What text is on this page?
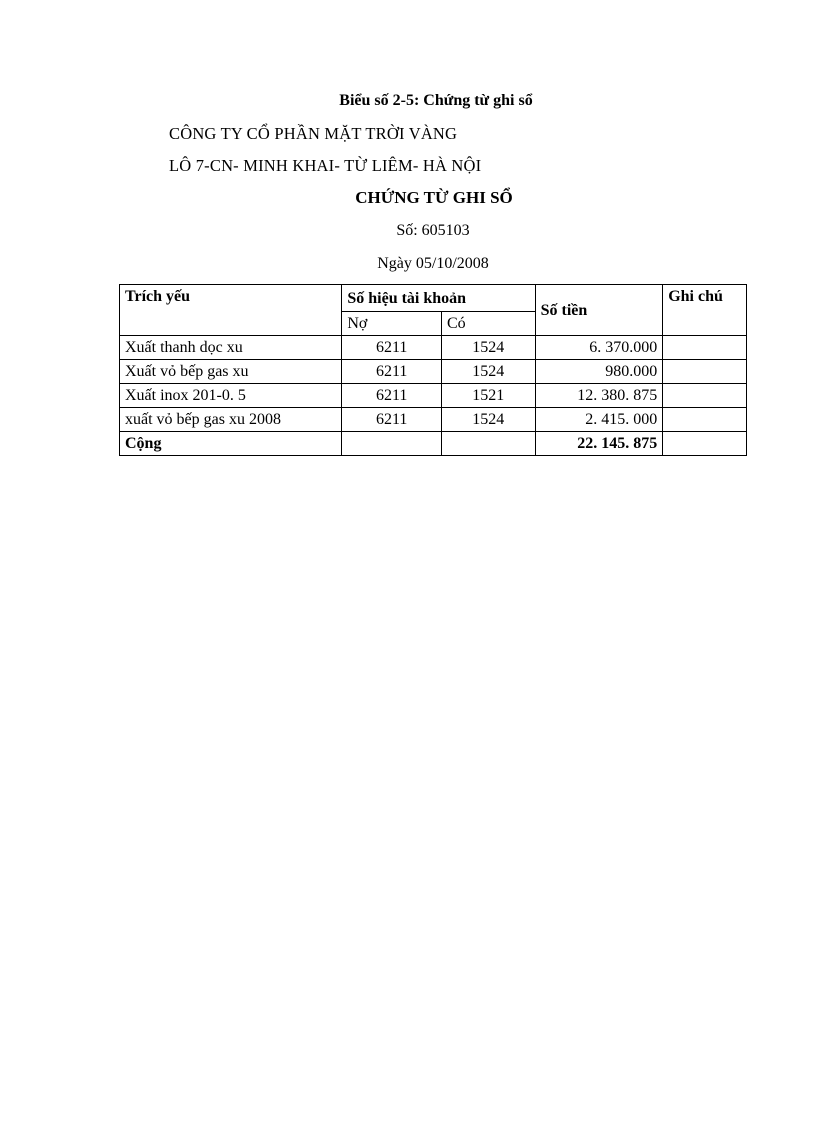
Biểu số 2-5: Chứng từ ghi sổ
CÔNG TY CỔ PHẦN MẶT TRỜI VÀNG
LÔ 7-CN- MINH KHAI- TỪ LIÊM- HÀ NỘI
CHỨNG TỪ GHI SỔ
Số: 605103
Ngày 05/10/2008
Trích yếu	Số hiệu tài khoản		Số tiền	Ghi chú
	Nợ	Có		
Xuất thanh dọc xu	6211	1524	6. 370.000	
Xuất vỏ bếp gas xu	6211	1524	980.000	
Xuất inox 201-0. 5	6211	1521	12. 380. 875	
xuất vỏ bếp gas xu 2008	6211	1524	2. 415. 000	
Cộng			22. 145. 875	
